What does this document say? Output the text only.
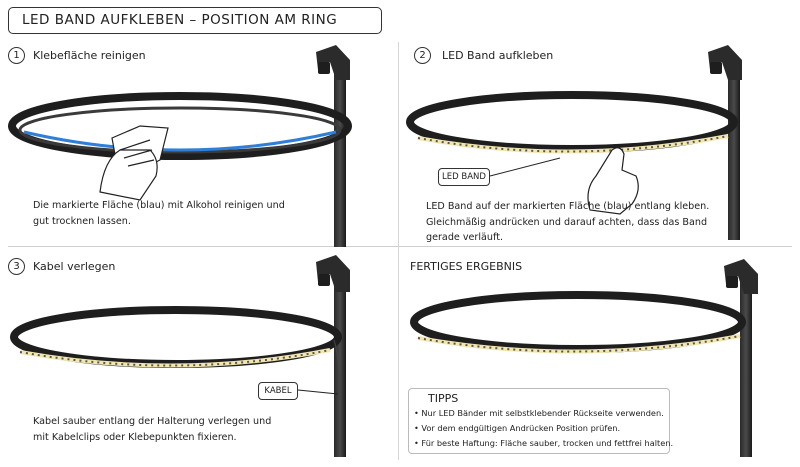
LED BAND AUFKLEBEN – POSITION AM RING
1	Klebefläche reinigen
Die markierte Fläche (blau) mit Alkohol reinigen und
gut trocknen lassen.
2	LED Band aufkleben
LED BAND
LED Band auf der markierten Fläche (blau) entlang kleben.
Gleichmäßig andrücken und darauf achten, dass das Band
gerade verläuft.
3	Kabel verlegen
KABEL
Kabel sauber entlang der Halterung verlegen und
mit Kabelclips oder Klebepunkten fixieren.
FERTIGES ERGEBNIS
TIPPS
• Nur LED Bänder mit selbstklebender Rückseite verwenden.
• Vor dem endgültigen Andrücken Position prüfen.
• Für beste Haftung: Fläche sauber, trocken und fettfrei halten.
